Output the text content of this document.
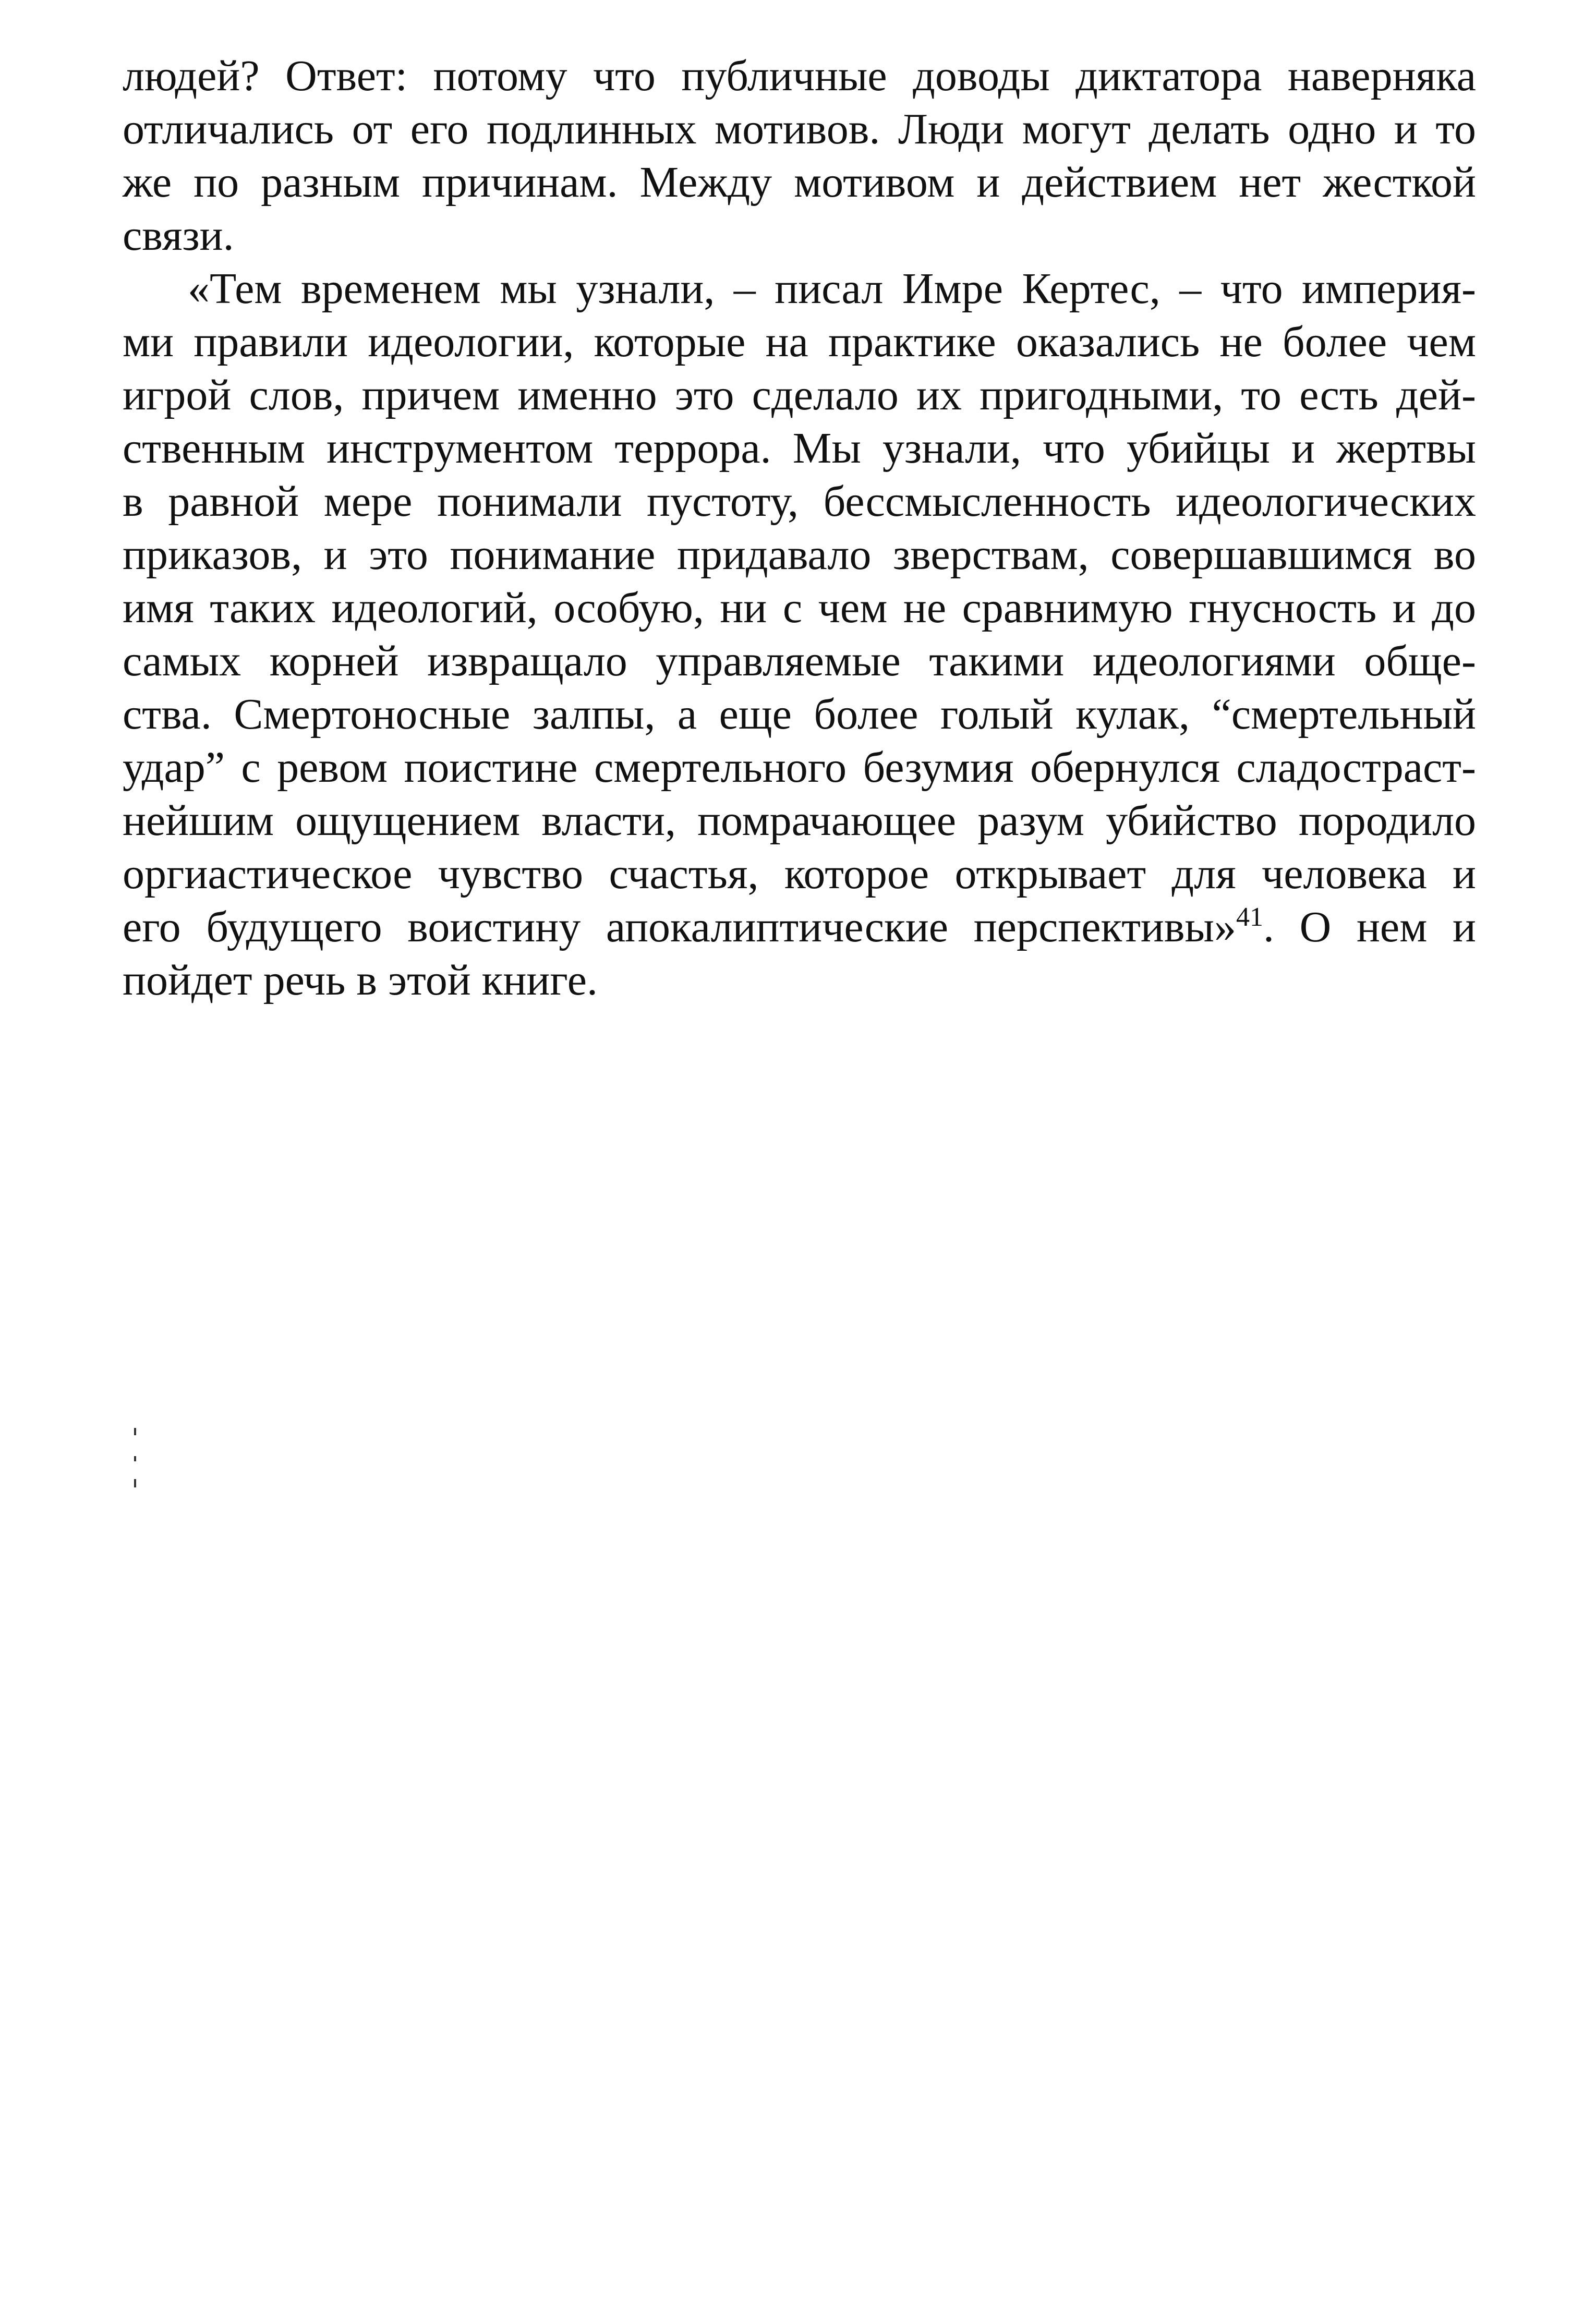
людей? Ответ: потому что публичные доводы диктатора наверняка
отличались от его подлинных мотивов. Люди могут делать одно и то
же по разным причинам. Между мотивом и действием нет жесткой
связи.
«Тем временем мы узнали, – писал Имре Кертес, – что империя-
ми правили идеологии, которые на практике оказались не более чем
игрой слов, причем именно это сделало их пригодными, то есть дей-
ственным инструментом террора. Мы узнали, что убийцы и жертвы
в равной мере понимали пустоту, бессмысленность идеологических
приказов, и это понимание придавало зверствам, совершавшимся во
имя таких идеологий, особую, ни с чем не сравнимую гнусность и до
самых корней извращало управляемые такими идеологиями обще-
ства. Смертоносные залпы, а еще более голый кулак, “смертельный
удар” с ревом поистине смертельного безумия обернулся сладостраст-
нейшим ощущением власти, помрачающее разум убийство породило
оргиастическое чувство счастья, которое открывает для человека и
его будущего воистину апокалиптические перспективы»$^{41}$. О нем и
пойдет речь в этой книге.
